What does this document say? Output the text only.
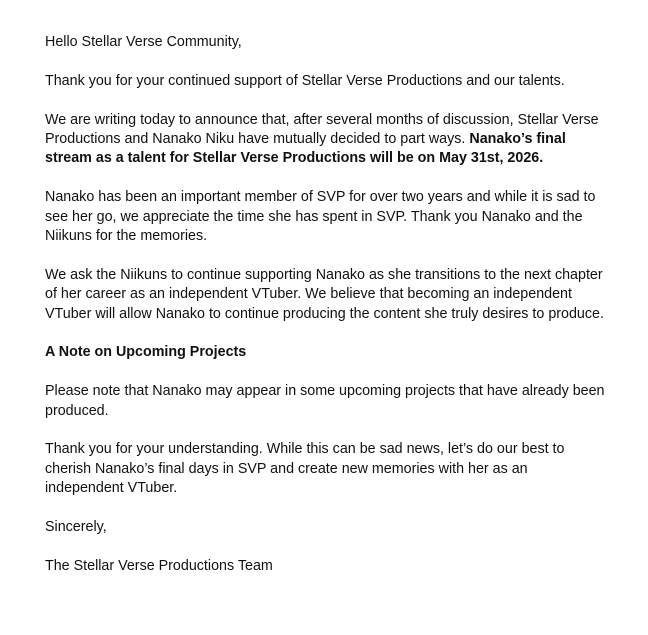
Hello Stellar Verse Community,

Thank you for your continued support of Stellar Verse Productions and our talents.

We are writing today to announce that, after several months of discussion, Stellar Verse Productions and Nanako Niku have mutually decided to part ways. Nanako’s final stream as a talent for Stellar Verse Productions will be on May 31st, 2026.

Nanako has been an important member of SVP for over two years and while it is sad to see her go, we appreciate the time she has spent in SVP. Thank you Nanako and the Niikuns for the memories.

We ask the Niikuns to continue supporting Nanako as she transitions to the next chapter of her career as an independent VTuber. We believe that becoming an independent VTuber will allow Nanako to continue producing the content she truly desires to produce.

A Note on Upcoming Projects

Please note that Nanako may appear in some upcoming projects that have already been produced.

Thank you for your understanding. While this can be sad news, let’s do our best to cherish Nanako’s final days in SVP and create new memories with her as an independent VTuber.

Sincerely,

The Stellar Verse Productions Team
